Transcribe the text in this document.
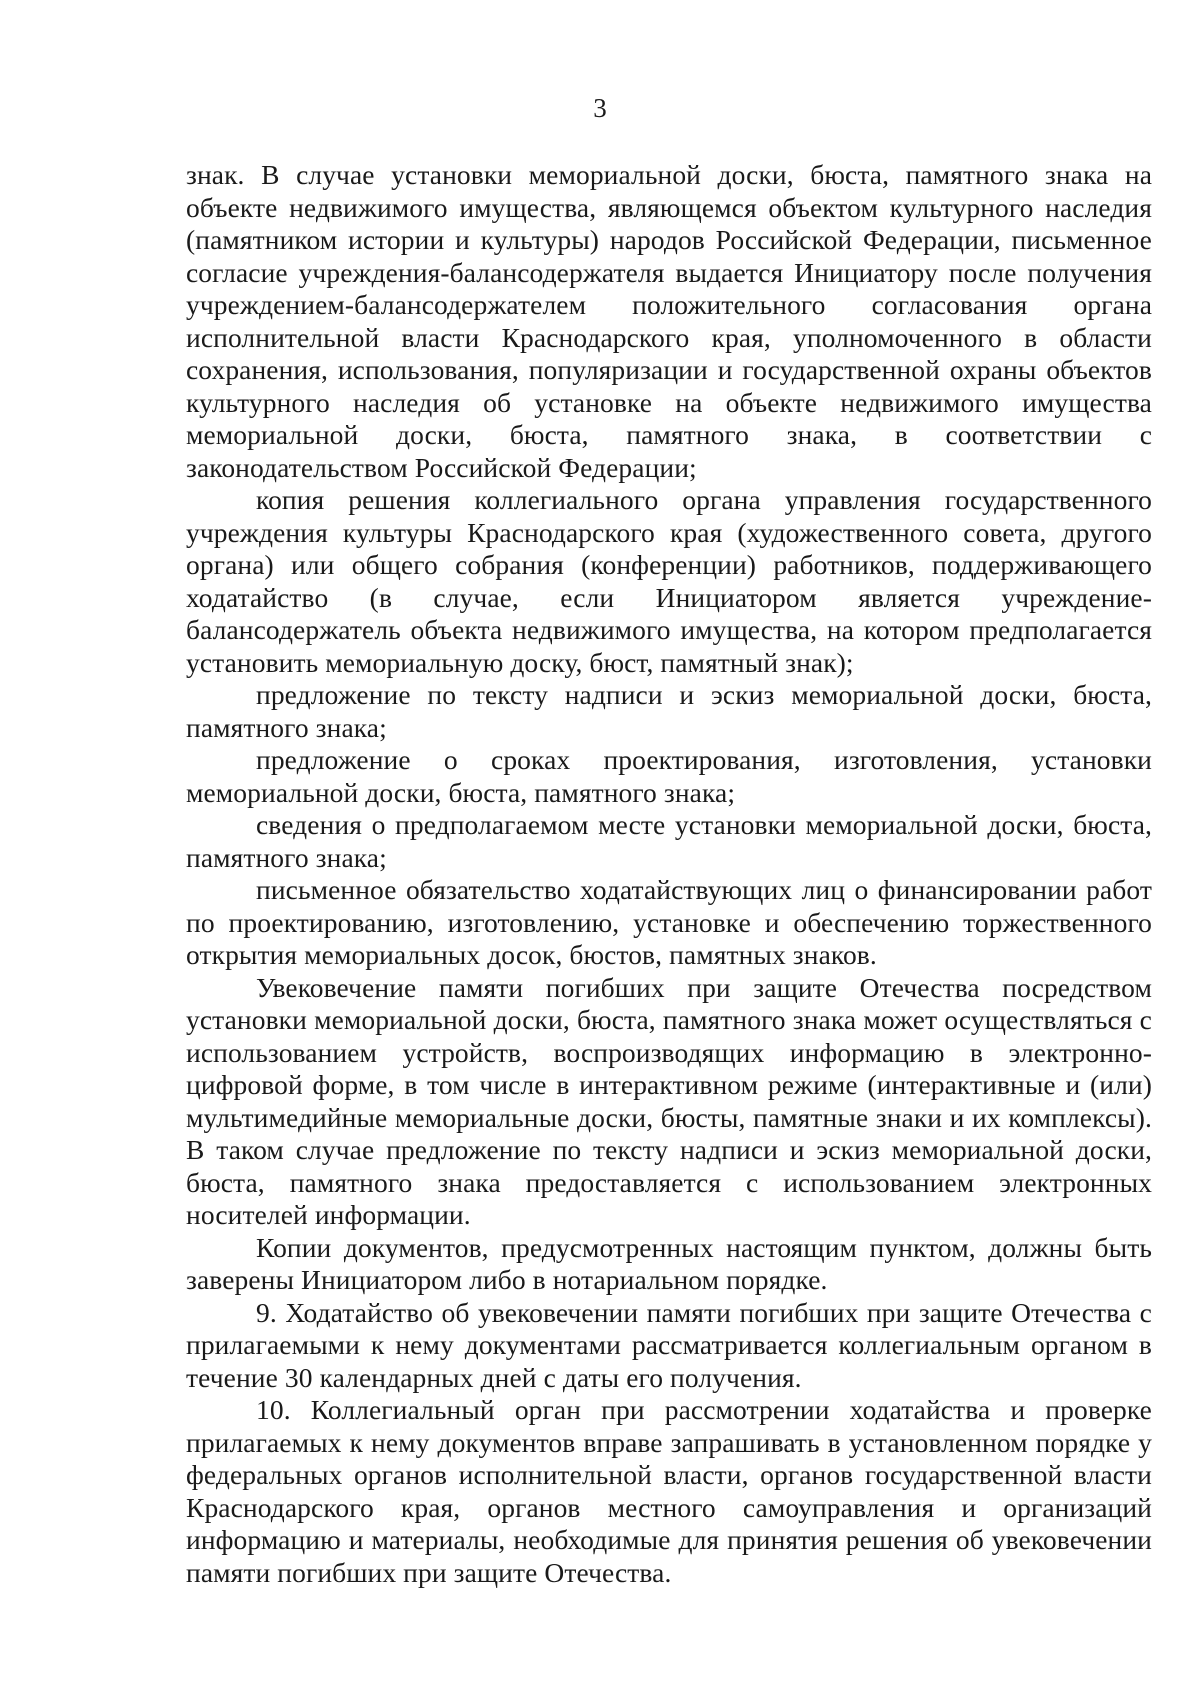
3

знак. В случае установки мемориальной доски, бюста, памятного знака на объекте недвижимого имущества, являющемся объектом культурного наследия (памятником истории и культуры) народов Российской Федерации, письменное согласие учреждения-балансодержателя выдается Инициатору после получения учреждением-балансодержателем положительного согласования органа исполнительной власти Краснодарского края, уполномоченного в области сохранения, использования, популяризации и государственной охраны объектов культурного наследия об установке на объекте недвижимого имущества мемориальной доски, бюста, памятного знака, в соответствии с законодательством Российской Федерации;

копия решения коллегиального органа управления государственного учреждения культуры Краснодарского края (художественного совета, другого органа) или общего собрания (конференции) работников, поддерживающего ходатайство (в случае, если Инициатором является учреждение-балансодержатель объекта недвижимого имущества, на котором предполагается установить мемориальную доску, бюст, памятный знак);

предложение по тексту надписи и эскиз мемориальной доски, бюста, памятного знака;

предложение о сроках проектирования, изготовления, установки мемориальной доски, бюста, памятного знака;

сведения о предполагаемом месте установки мемориальной доски, бюста, памятного знака;

письменное обязательство ходатайствующих лиц о финансировании работ по проектированию, изготовлению, установке и обеспечению торжественного открытия мемориальных досок, бюстов, памятных знаков.

Увековечение памяти погибших при защите Отечества посредством установки мемориальной доски, бюста, памятного знака может осуществляться с использованием устройств, воспроизводящих информацию в электронно-цифровой форме, в том числе в интерактивном режиме (интерактивные и (или) мультимедийные мемориальные доски, бюсты, памятные знаки и их комплексы). В таком случае предложение по тексту надписи и эскиз мемориальной доски, бюста, памятного знака предоставляется с использованием электронных носителей информации.

Копии документов, предусмотренных настоящим пунктом, должны быть заверены Инициатором либо в нотариальном порядке.

9. Ходатайство об увековечении памяти погибших при защите Отечества с прилагаемыми к нему документами рассматривается коллегиальным органом в течение 30 календарных дней с даты его получения.

10. Коллегиальный орган при рассмотрении ходатайства и проверке прилагаемых к нему документов вправе запрашивать в установленном порядке у федеральных органов исполнительной власти, органов государственной власти Краснодарского края, органов местного самоуправления и организаций информацию и материалы, необходимые для принятия решения об увековечении памяти погибших при защите Отечества.
